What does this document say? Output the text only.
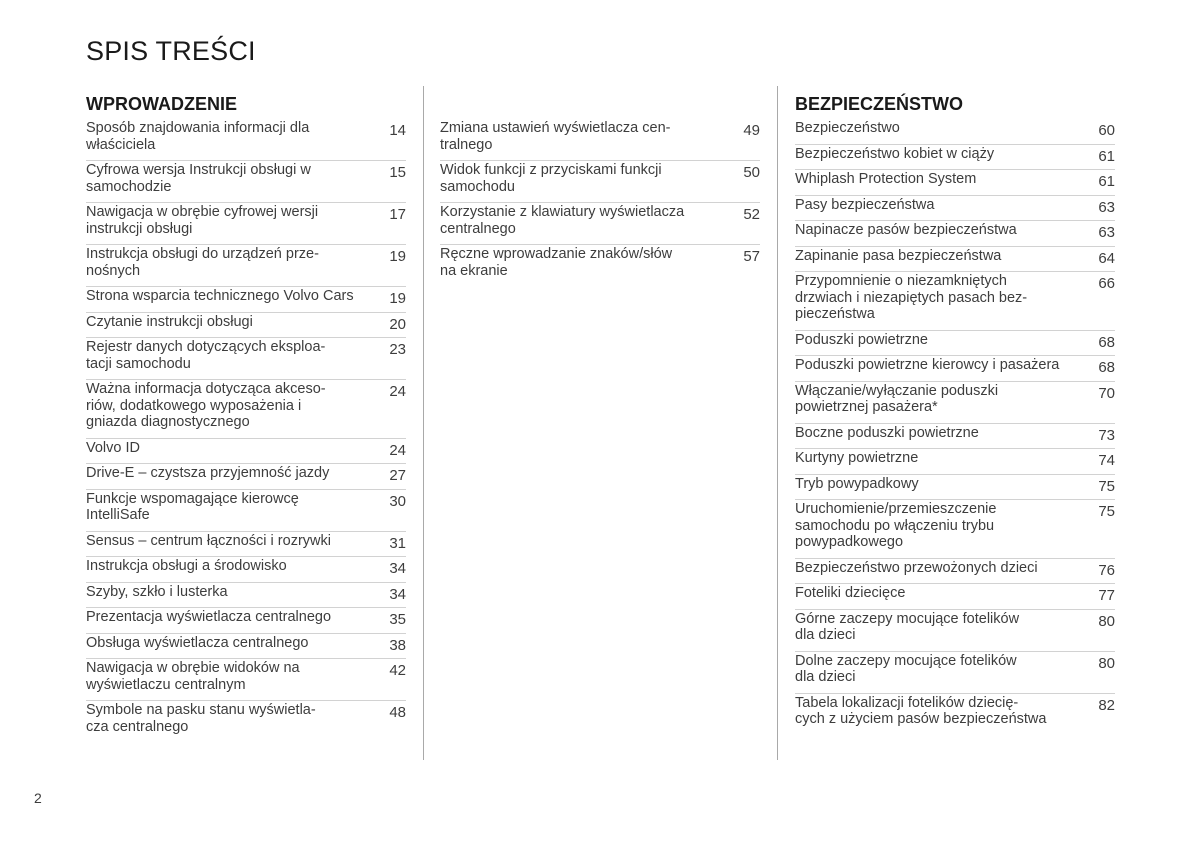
SPIS TREŚCI
WPROWADZENIE
Sposób znajdowania informacji dla
właściciela
14
Cyfrowa wersja Instrukcji obsługi w
samochodzie
15
Nawigacja w obrębie cyfrowej wersji
instrukcji obsługi
17
Instrukcja obsługi do urządzeń prze-
nośnych
19
Strona wsparcia technicznego Volvo Cars	19
Czytanie instrukcji obsługi	20
Rejestr danych dotyczących eksploa-
tacji samochodu
23
Ważna informacja dotycząca akceso-
riów, dodatkowego wyposażenia i
gniazda diagnostycznego
24
Volvo ID	24
Drive-E – czystsza przyjemność jazdy	27
Funkcje wspomagające kierowcę
IntelliSafe
30
Sensus – centrum łączności i rozrywki	31
Instrukcja obsługi a środowisko	34
Szyby, szkło i lusterka	34
Prezentacja wyświetlacza centralnego	35
Obsługa wyświetlacza centralnego	38
Nawigacja w obrębie widoków na
wyświetlaczu centralnym
42
Symbole na pasku stanu wyświetla-
cza centralnego
48
Zmiana ustawień wyświetlacza cen-
tralnego
49
Widok funkcji z przyciskami funkcji
samochodu
50
Korzystanie z klawiatury wyświetlacza
centralnego
52
Ręczne wprowadzanie znaków/słów
na ekranie
57
BEZPIECZEŃSTWO
Bezpieczeństwo	60
Bezpieczeństwo kobiet w ciąży	61
Whiplash Protection System	61
Pasy bezpieczeństwa	63
Napinacze pasów bezpieczeństwa	63
Zapinanie pasa bezpieczeństwa	64
Przypomnienie o niezamkniętych
drzwiach i niezapiętych pasach bez-
pieczeństwa
66
Poduszki powietrzne	68
Poduszki powietrzne kierowcy i pasażera	68
Włączanie/wyłączanie poduszki
powietrznej pasażera*
70
Boczne poduszki powietrzne	73
Kurtyny powietrzne	74
Tryb powypadkowy	75
Uruchomienie/przemieszczenie
samochodu po włączeniu trybu
powypadkowego
75
Bezpieczeństwo przewożonych dzieci	76
Foteliki dziecięce	77
Górne zaczepy mocujące fotelików
dla dzieci
80
Dolne zaczepy mocujące fotelików
dla dzieci
80
Tabela lokalizacji fotelików dziecię-
cych z użyciem pasów bezpieczeństwa
82
2
